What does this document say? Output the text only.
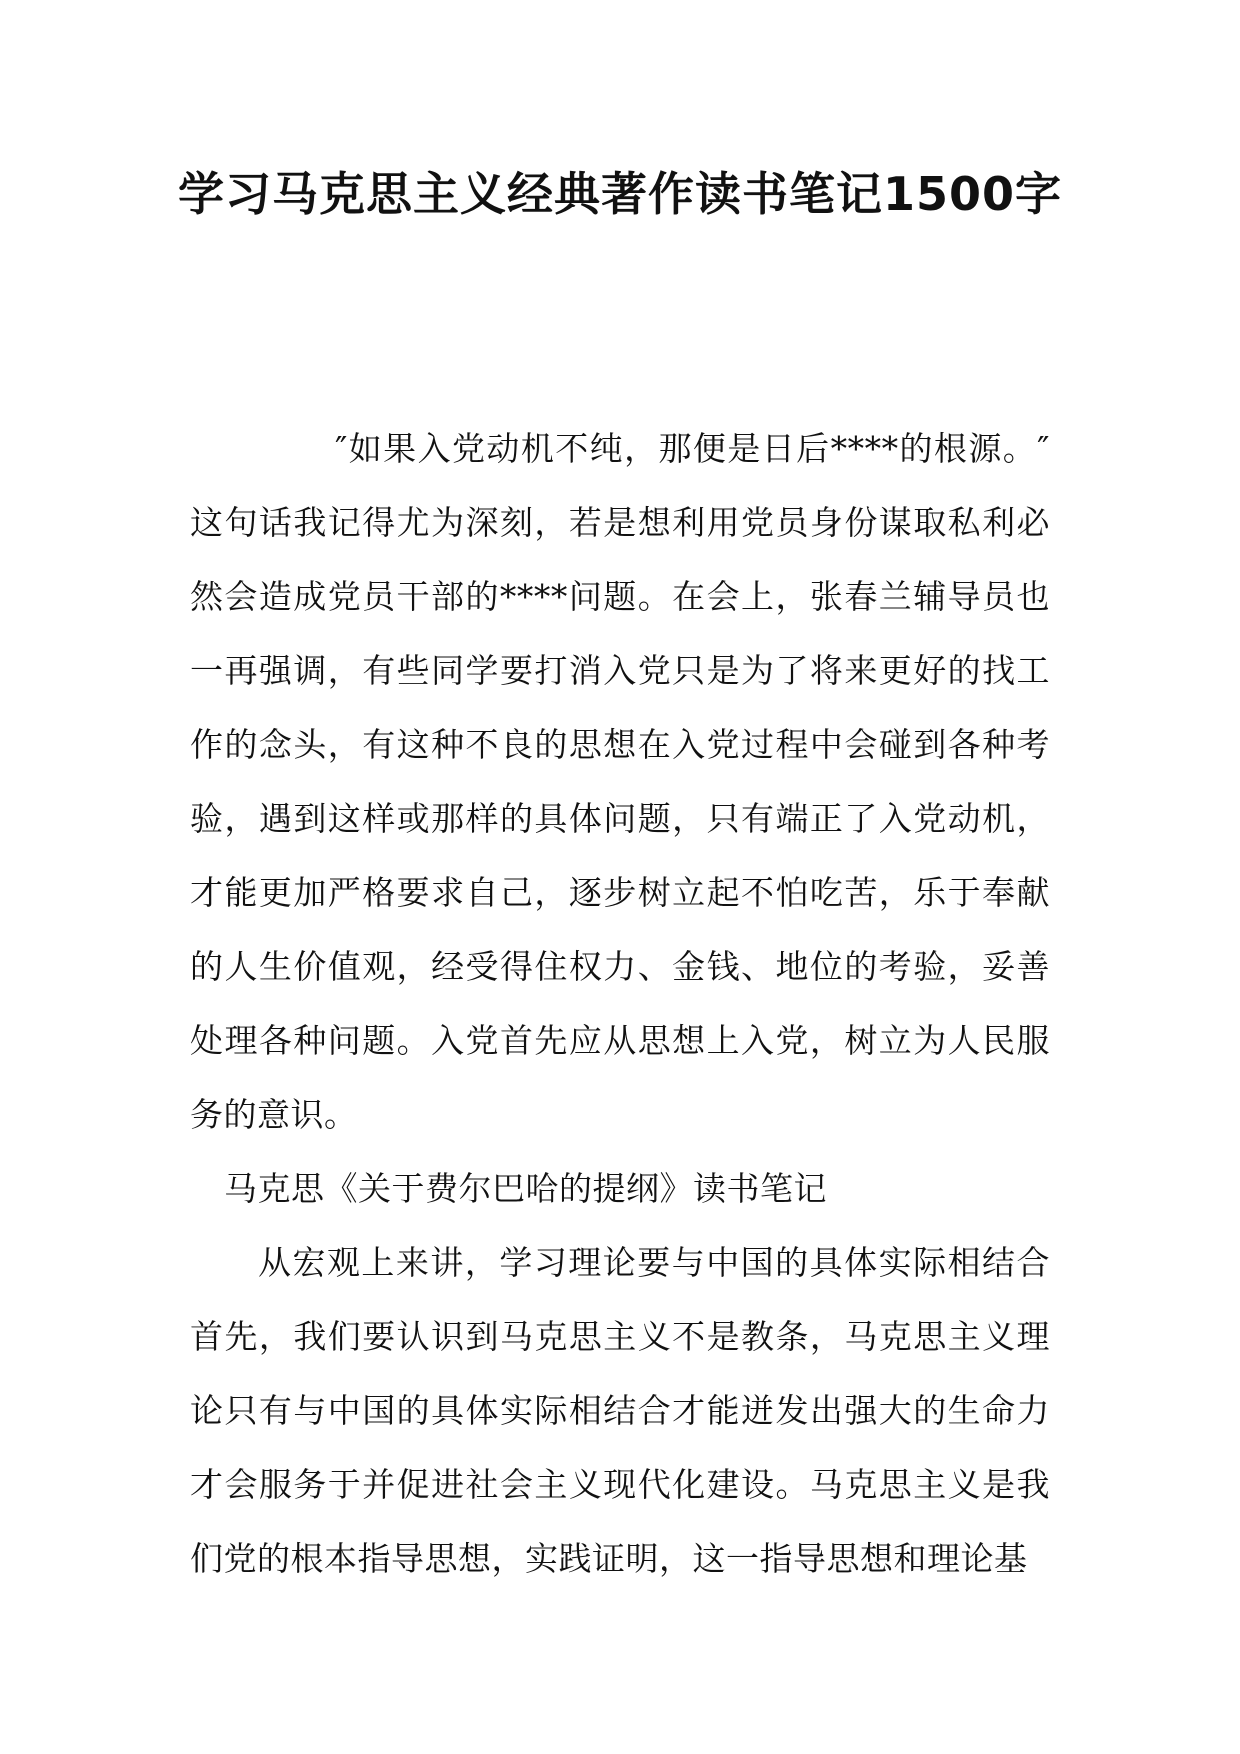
学习马克思主义经典著作读书笔记1500字

″如果入党动机不纯，那便是日后****的根源。″这句话我记得尤为深刻，若是想利用党员身份谋取私利必然会造成党员干部的****问题。在会上，张春兰辅导员也一再强调，有些同学要打消入党只是为了将来更好的找工作的念头，有这种不良的思想在入党过程中会碰到各种考验，遇到这样或那样的具体问题，只有端正了入党动机，才能更加严格要求自己，逐步树立起不怕吃苦，乐于奉献的人生价值观，经受得住权力、金钱、地位的考验，妥善处理各种问题。入党首先应从思想上入党，树立为人民服务的意识。

马克思《关于费尔巴哈的提纲》读书笔记

从宏观上来讲，学习理论要与中国的具体实际相结合首先，我们要认识到马克思主义不是教条，马克思主义理论只有与中国的具体实际相结合才能迸发出强大的生命力才会服务于并促进社会主义现代化建设。马克思主义是我们党的根本指导思想，实践证明，这一指导思想和理论基
